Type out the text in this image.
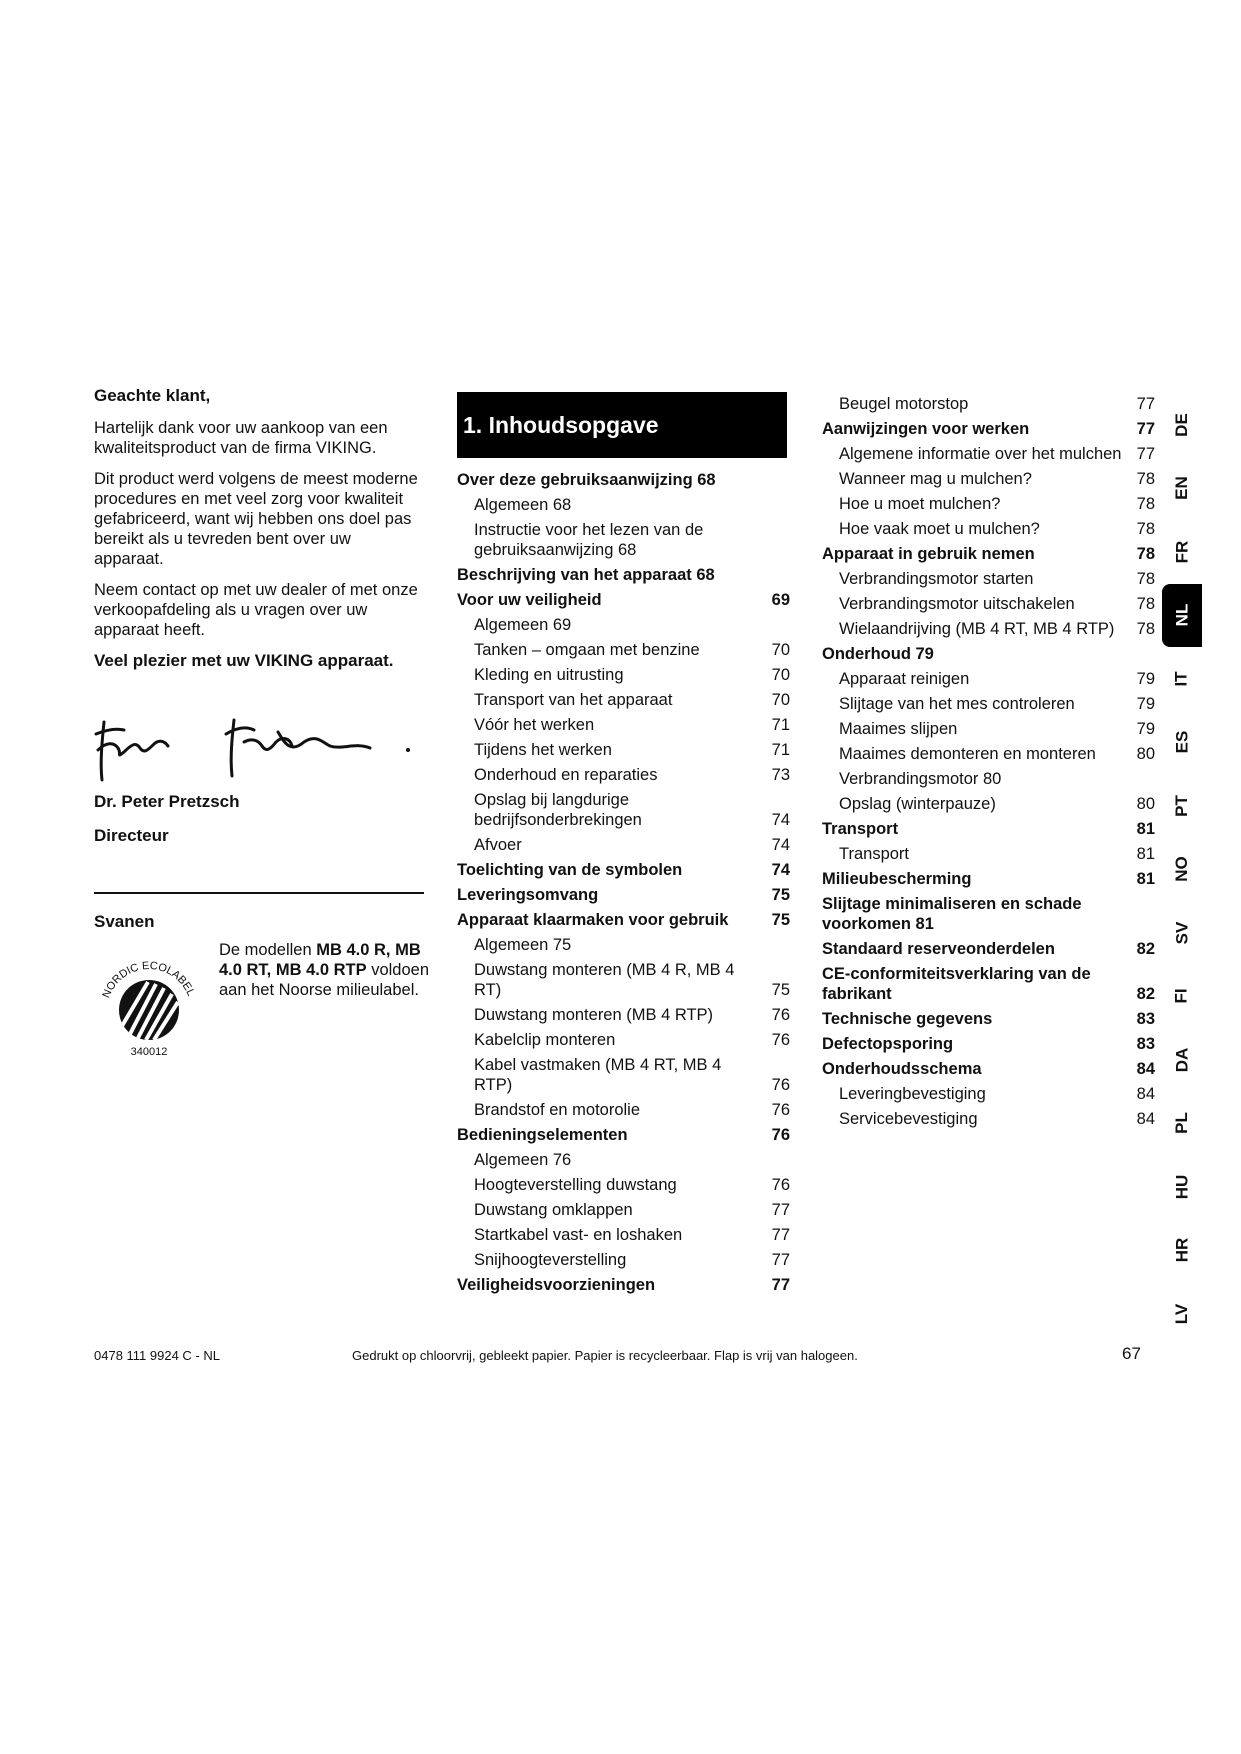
Geachte klant,

Hartelijk dank voor uw aankoop van een kwaliteitsproduct van de firma VIKING.

Dit product werd volgens de meest moderne procedures en met veel zorg voor kwaliteit gefabriceerd, want wij hebben ons doel pas bereikt als u tevreden bent over uw apparaat.

Neem contact op met uw dealer of met onze verkoopafdeling als u vragen over uw apparaat heeft.

Veel plezier met uw VIKING apparaat.

Dr. Peter Pretzsch
Directeur
Svanen
NORDIC ECOLABEL
340012
De modellen MB 4.0 R, MB 4.0 RT, MB 4.0 RTP voldoen aan het Noorse milieulabel.
1. Inhoudsopgave
Over deze gebruiksaanwijzing 68
Algemeen 68
Instructie voor het lezen van de gebruiksaanwijzing 68
Beschrijving van het apparaat 68
Voor uw veiligheid	69
Algemeen 69
Tanken – omgaan met benzine	70
Kleding en uitrusting	70
Transport van het apparaat	70
Vóór het werken	71
Tijdens het werken	71
Onderhoud en reparaties	73
Opslag bij langdurige bedrijfsonderbrekingen	74
Afvoer	74
Toelichting van de symbolen	74
Leveringsomvang	75
Apparaat klaarmaken voor gebruik	75
Algemeen 75
Duwstang monteren (MB 4 R, MB 4 RT)	75
Duwstang monteren (MB 4 RTP)	76
Kabelclip monteren	76
Kabel vastmaken (MB 4 RT, MB 4 RTP)	76
Brandstof en motorolie	76
Bedieningselementen	76
Algemeen 76
Hoogteverstelling duwstang	76
Duwstang omklappen	77
Startkabel vast- en loshaken	77
Snijhoogteverstelling	77
Veiligheidsvoorzieningen	77
Beugel motorstop	77
Aanwijzingen voor werken	77
Algemene informatie over het mulchen 77
Wanneer mag u mulchen?	78
Hoe u moet mulchen?	78
Hoe vaak moet u mulchen?	78
Apparaat in gebruik nemen	78
Verbrandingsmotor starten	78
Verbrandingsmotor uitschakelen	78
Wielaandrijving (MB 4 RT, MB 4 RTP)	78
Onderhoud 79
Apparaat reinigen	79
Slijtage van het mes controleren	79
Maaimes slijpen	79
Maaimes demonteren en monteren	80
Verbrandingsmotor 80
Opslag (winterpauze)	80
Transport	81
Transport	81
Milieubescherming	81
Slijtage minimaliseren en schade voorkomen 81
Standaard reserveonderdelen	82
CE-conformiteitsverklaring van de fabrikant	82
Technische gegevens	83
Defectopsporing	83
Onderhoudsschema	84
Leveringbevestiging	84
Servicebevestiging	84
DE
EN
FR
NL
IT
ES
PT
NO
SV
FI
DA
PL
HU
HR
LV
0478 111 9924 C - NL	Gedrukt op chloorvrij, gebleekt papier. Papier is recycleerbaar. Flap is vrij van halogeen.	67
